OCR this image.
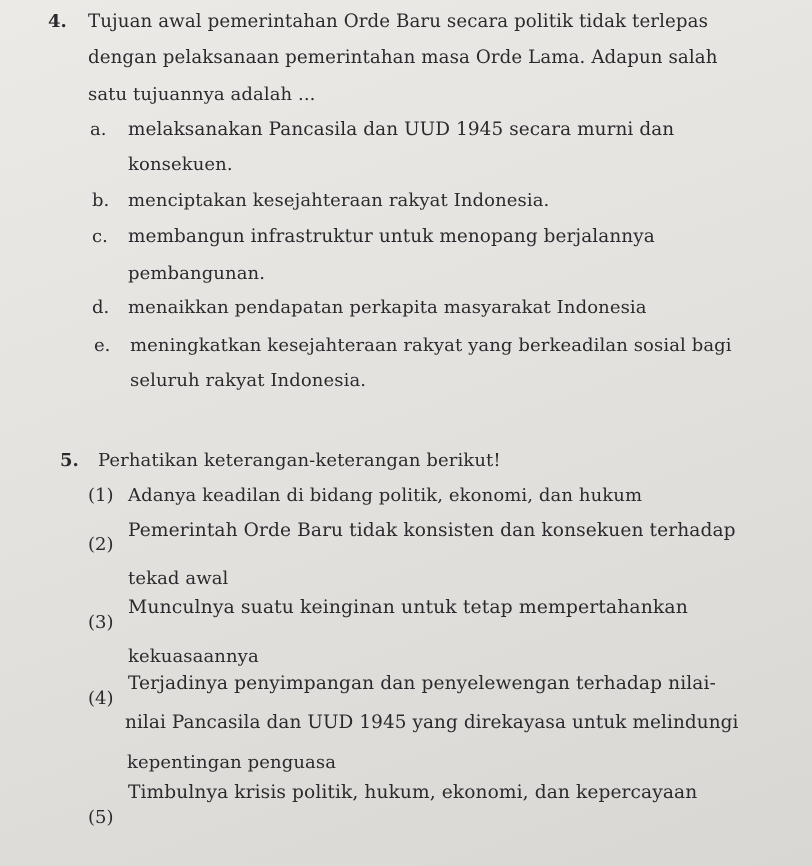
4. Tujuan awal pemerintahan Orde Baru secara politik tidak terlepas
dengan pelaksanaan pemerintahan masa Orde Lama. Adapun salah
satu tujuannya adalah ...
a. melaksanakan Pancasila dan UUD 1945 secara murni dan
konsekuen.
b. menciptakan kesejahteraan rakyat Indonesia.
c. membangun infrastruktur untuk menopang berjalannya
pembangunan.
d. menaikkan pendapatan perkapita masyarakat Indonesia
e. meningkatkan kesejahteraan rakyat yang berkeadilan sosial bagi
seluruh rakyat Indonesia.
5. Perhatikan keterangan-keterangan berikut!
(1) Adanya keadilan di bidang politik, ekonomi, dan hukum
(2)
Pemerintah Orde Baru tidak konsisten dan konsekuen terhadap
tekad awal
(3)
Munculnya suatu keinginan untuk tetap mempertahankan
kekuasaannya
(4)
Terjadinya penyimpangan dan penyelewengan terhadap nilai-
nilai Pancasila dan UUD 1945 yang direkayasa untuk melindungi
kepentingan penguasa
(5)
Timbulnya krisis politik, hukum, ekonomi, dan kepercayaan
